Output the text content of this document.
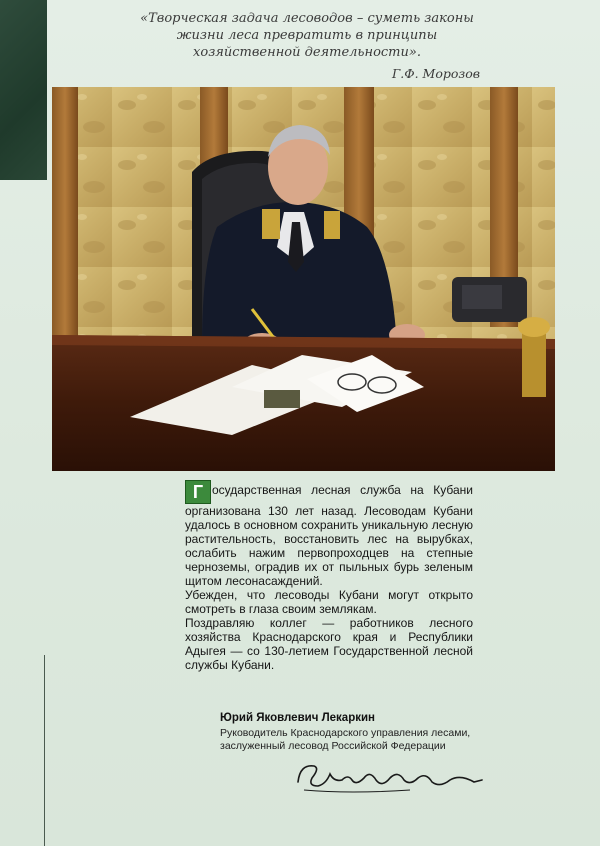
«Творческая задача лесоводов – суметь законы жизни леса превратить в принципы хозяйственной деятельности».
Г.Ф. Морозов

Г осударственная лесная служба на Кубани организована 130 лет назад. Лесоводам Кубани удалось в основном сохранить уникальную лесную растительность, восстановить лес на вырубках, ослабить нажим первопроходцев на степные черноземы, оградив их от пыльных бурь зеленым щитом лесонасаждений.

Убежден, что лесоводы Кубани могут открыто смотреть в глаза своим землякам.

Поздравляю коллег — работников лесного хозяйства Краснодарского края и Республики Адыгея — со 130-летием Государственной лесной службы Кубани.

Юрий Яковлевич Лекаркин
Руководитель Краснодарского управления лесами,
заслуженный лесовод Российской Федерации
